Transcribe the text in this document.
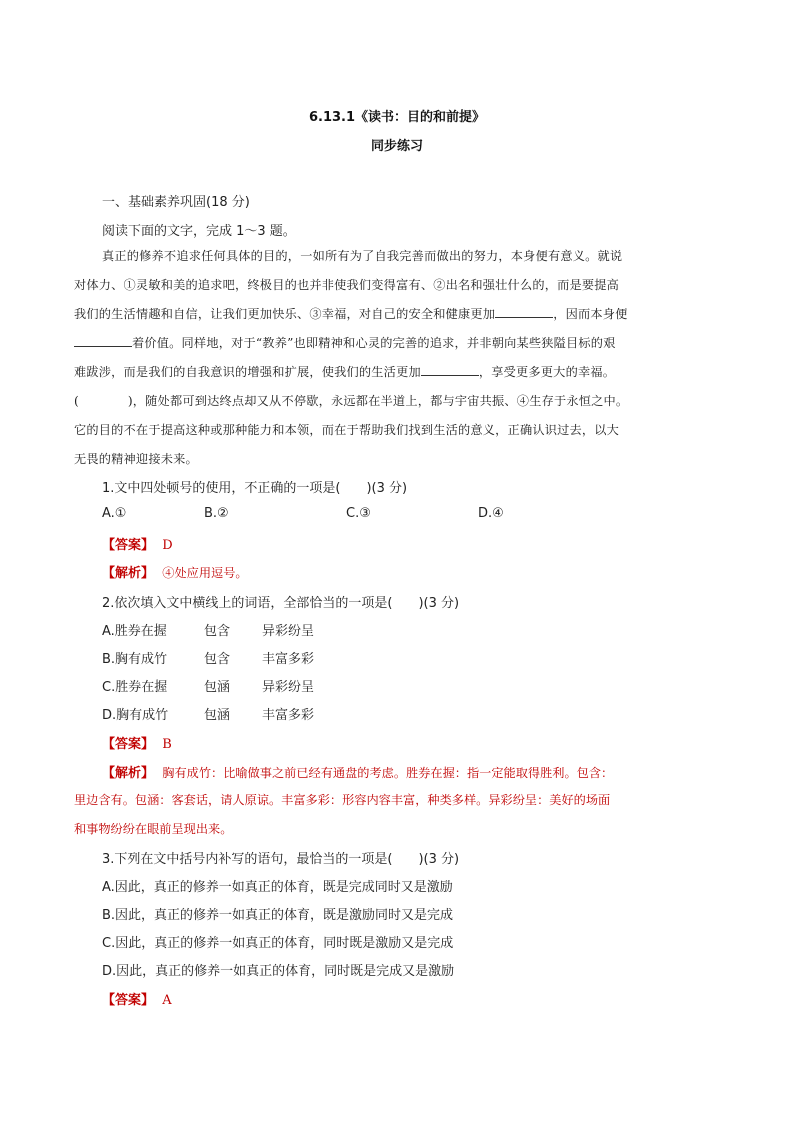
6.13.1《读书：目的和前提》
同步练习
一、基础素养巩固(18 分)
阅读下面的文字，完成 1～3 题。
真正的修养不追求任何具体的目的，一如所有为了自我完善而做出的努力，本身便有意义。就说
对体力、①灵敏和美的追求吧，终极目的也并非使我们变得富有、②出名和强壮什么的，而是要提高
我们的生活情趣和自信，让我们更加快乐、③幸福，对自己的安全和健康更加	，因而本身便
着价值。同样地，对于“教养”也即精神和心灵的完善的追求，并非朝向某些狭隘目标的艰
难跋涉，而是我们的自我意识的增强和扩展，使我们的生活更加	，享受更多更大的幸福。
(            )，随处都可到达终点却又从不停歇，永远都在半道上，都与宇宙共振、④生存于永恒之中。
它的目的不在于提高这种或那种能力和本领，而在于帮助我们找到生活的意义，正确认识过去，以大
无畏的精神迎接未来。
1.文中四处顿号的使用，不正确的一项是(　　)(3 分)
A.①	B.②	C.③	D.④
【答案】 D
【解析】 ④处应用逗号。
2.依次填入文中横线上的词语，全部恰当的一项是(　　)(3 分)
A.胜券在握	包含 异彩纷呈
B.胸有成竹	包含 丰富多彩
C.胜券在握	包涵 异彩纷呈
D.胸有成竹	包涵 丰富多彩
【答案】 B
【解析】 胸有成竹：比喻做事之前已经有通盘的考虑。胜券在握：指一定能取得胜利。包含：
里边含有。包涵：客套话，请人原谅。丰富多彩：形容内容丰富，种类多样。异彩纷呈：美好的场面
和事物纷纷在眼前呈现出来。
3.下列在文中括号内补写的语句，最恰当的一项是(　　)(3 分)
A.因此，真正的修养一如真正的体育，既是完成同时又是激励
B.因此，真正的修养一如真正的体育，既是激励同时又是完成
C.因此，真正的修养一如真正的体育，同时既是激励又是完成
D.因此，真正的修养一如真正的体育，同时既是完成又是激励
【答案】 A
